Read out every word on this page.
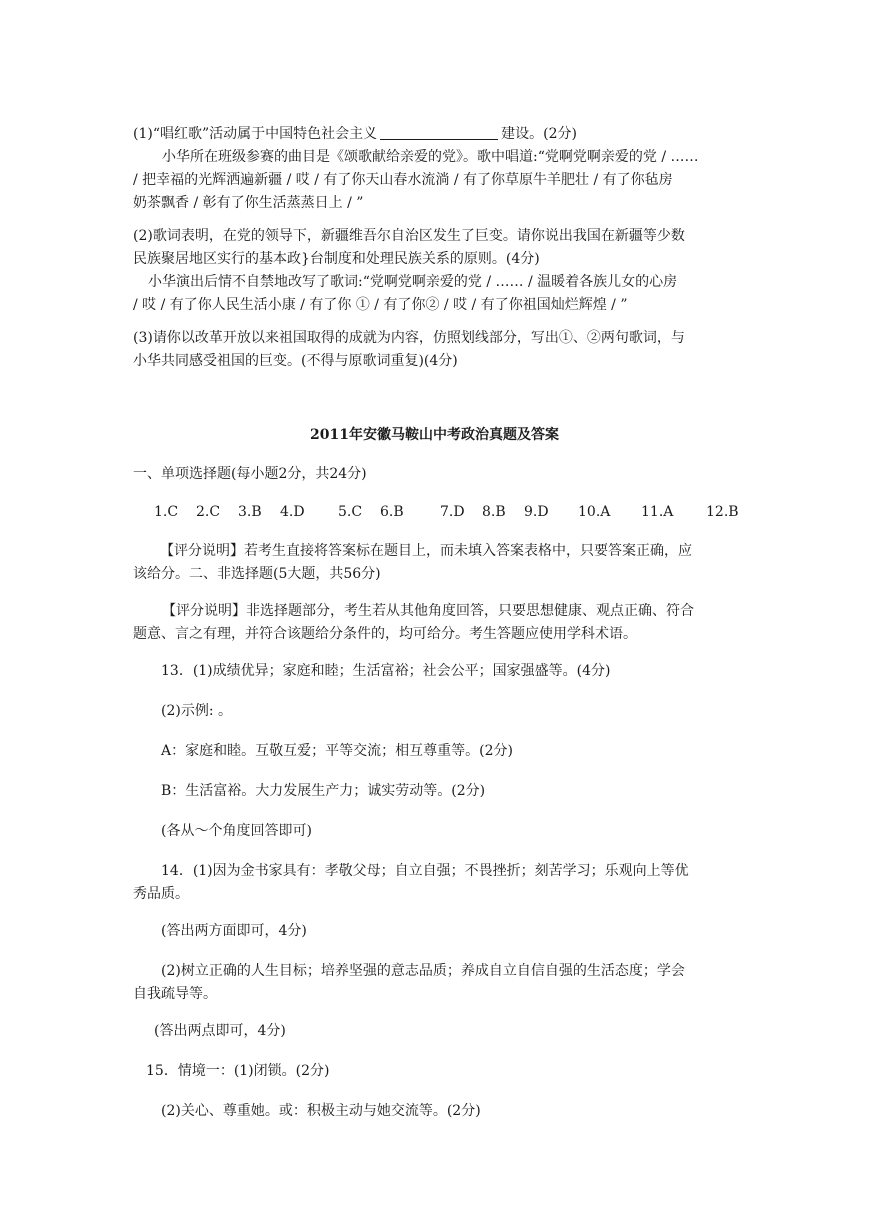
(1)“唱红歌”活动属于中国特色社会主义	建设。(2分)
小华所在班级参赛的曲目是《颂歌献给亲爱的党》。歌中唱道:“党啊党啊亲爱的党 / ……
/ 把幸福的光辉洒遍新疆 / 哎 / 有了你天山春水流淌 / 有了你草原牛羊肥壮 / 有了你毡房
奶茶飘香 / 彰有了你生活蒸蒸日上 / ”
(2)歌词表明，在党的领导下，新疆维吾尔自治区发生了巨变。请你说出我国在新疆等少数
民族聚居地区实行的基本政}台制度和处理民族关系的原则。(4分)
小华演出后情不自禁地改写了歌词:“党啊党啊亲爱的党 / …… / 温暖着各族儿女的心房
/ 哎 / 有了你人民生活小康 / 有了你 ① / 有了你② / 哎 / 有了你祖国灿烂辉煌 / ”
(3)请你以改革开放以来祖国取得的成就为内容，仿照划线部分，写出①、②两句歌词，与
小华共同感受祖国的巨变。(不得与原歌词重复)(4分)
2011年安徽马鞍山中考政治真题及答案
一、单项选择题(每小题2分，共24分)
1.C 2.C 3.B 4.D 5.C 6.B	7.D 8.B 9.D 10.A 11.A 12.B
【评分说明】若考生直接将答案标在题目上，而未填入答案表格中，只要答案正确，应
该给分。二、非选择题(5大题，共56分)
【评分说明】非选择题部分，考生若从其他角度回答，只要思想健康、观点正确、符合
题意、言之有理，并符合该题给分条件的，均可给分。考生答题应使用学科术语。
13．(1)成绩优异；家庭和睦；生活富裕；社会公平；国家强盛等。(4分)
(2)示例: 。
A：家庭和睦。互敬互爱；平等交流；相互尊重等。(2分)
B：生活富裕。大力发展生产力；诚实劳动等。(2分)
(各从～个角度回答即可)
14．(1)因为金书家具有：孝敬父母；自立自强；不畏挫折；刻苦学习；乐观向上等优
秀品质。
(答出两方面即可，4分)
(2)树立正确的人生目标；培养坚强的意志品质；养成自立自信自强的生活态度；学会
自我疏导等。
(答出两点即可，4分)
15．情境一：(1)闭锁。(2分)
(2)关心、尊重她。或：积极主动与她交流等。(2分)
